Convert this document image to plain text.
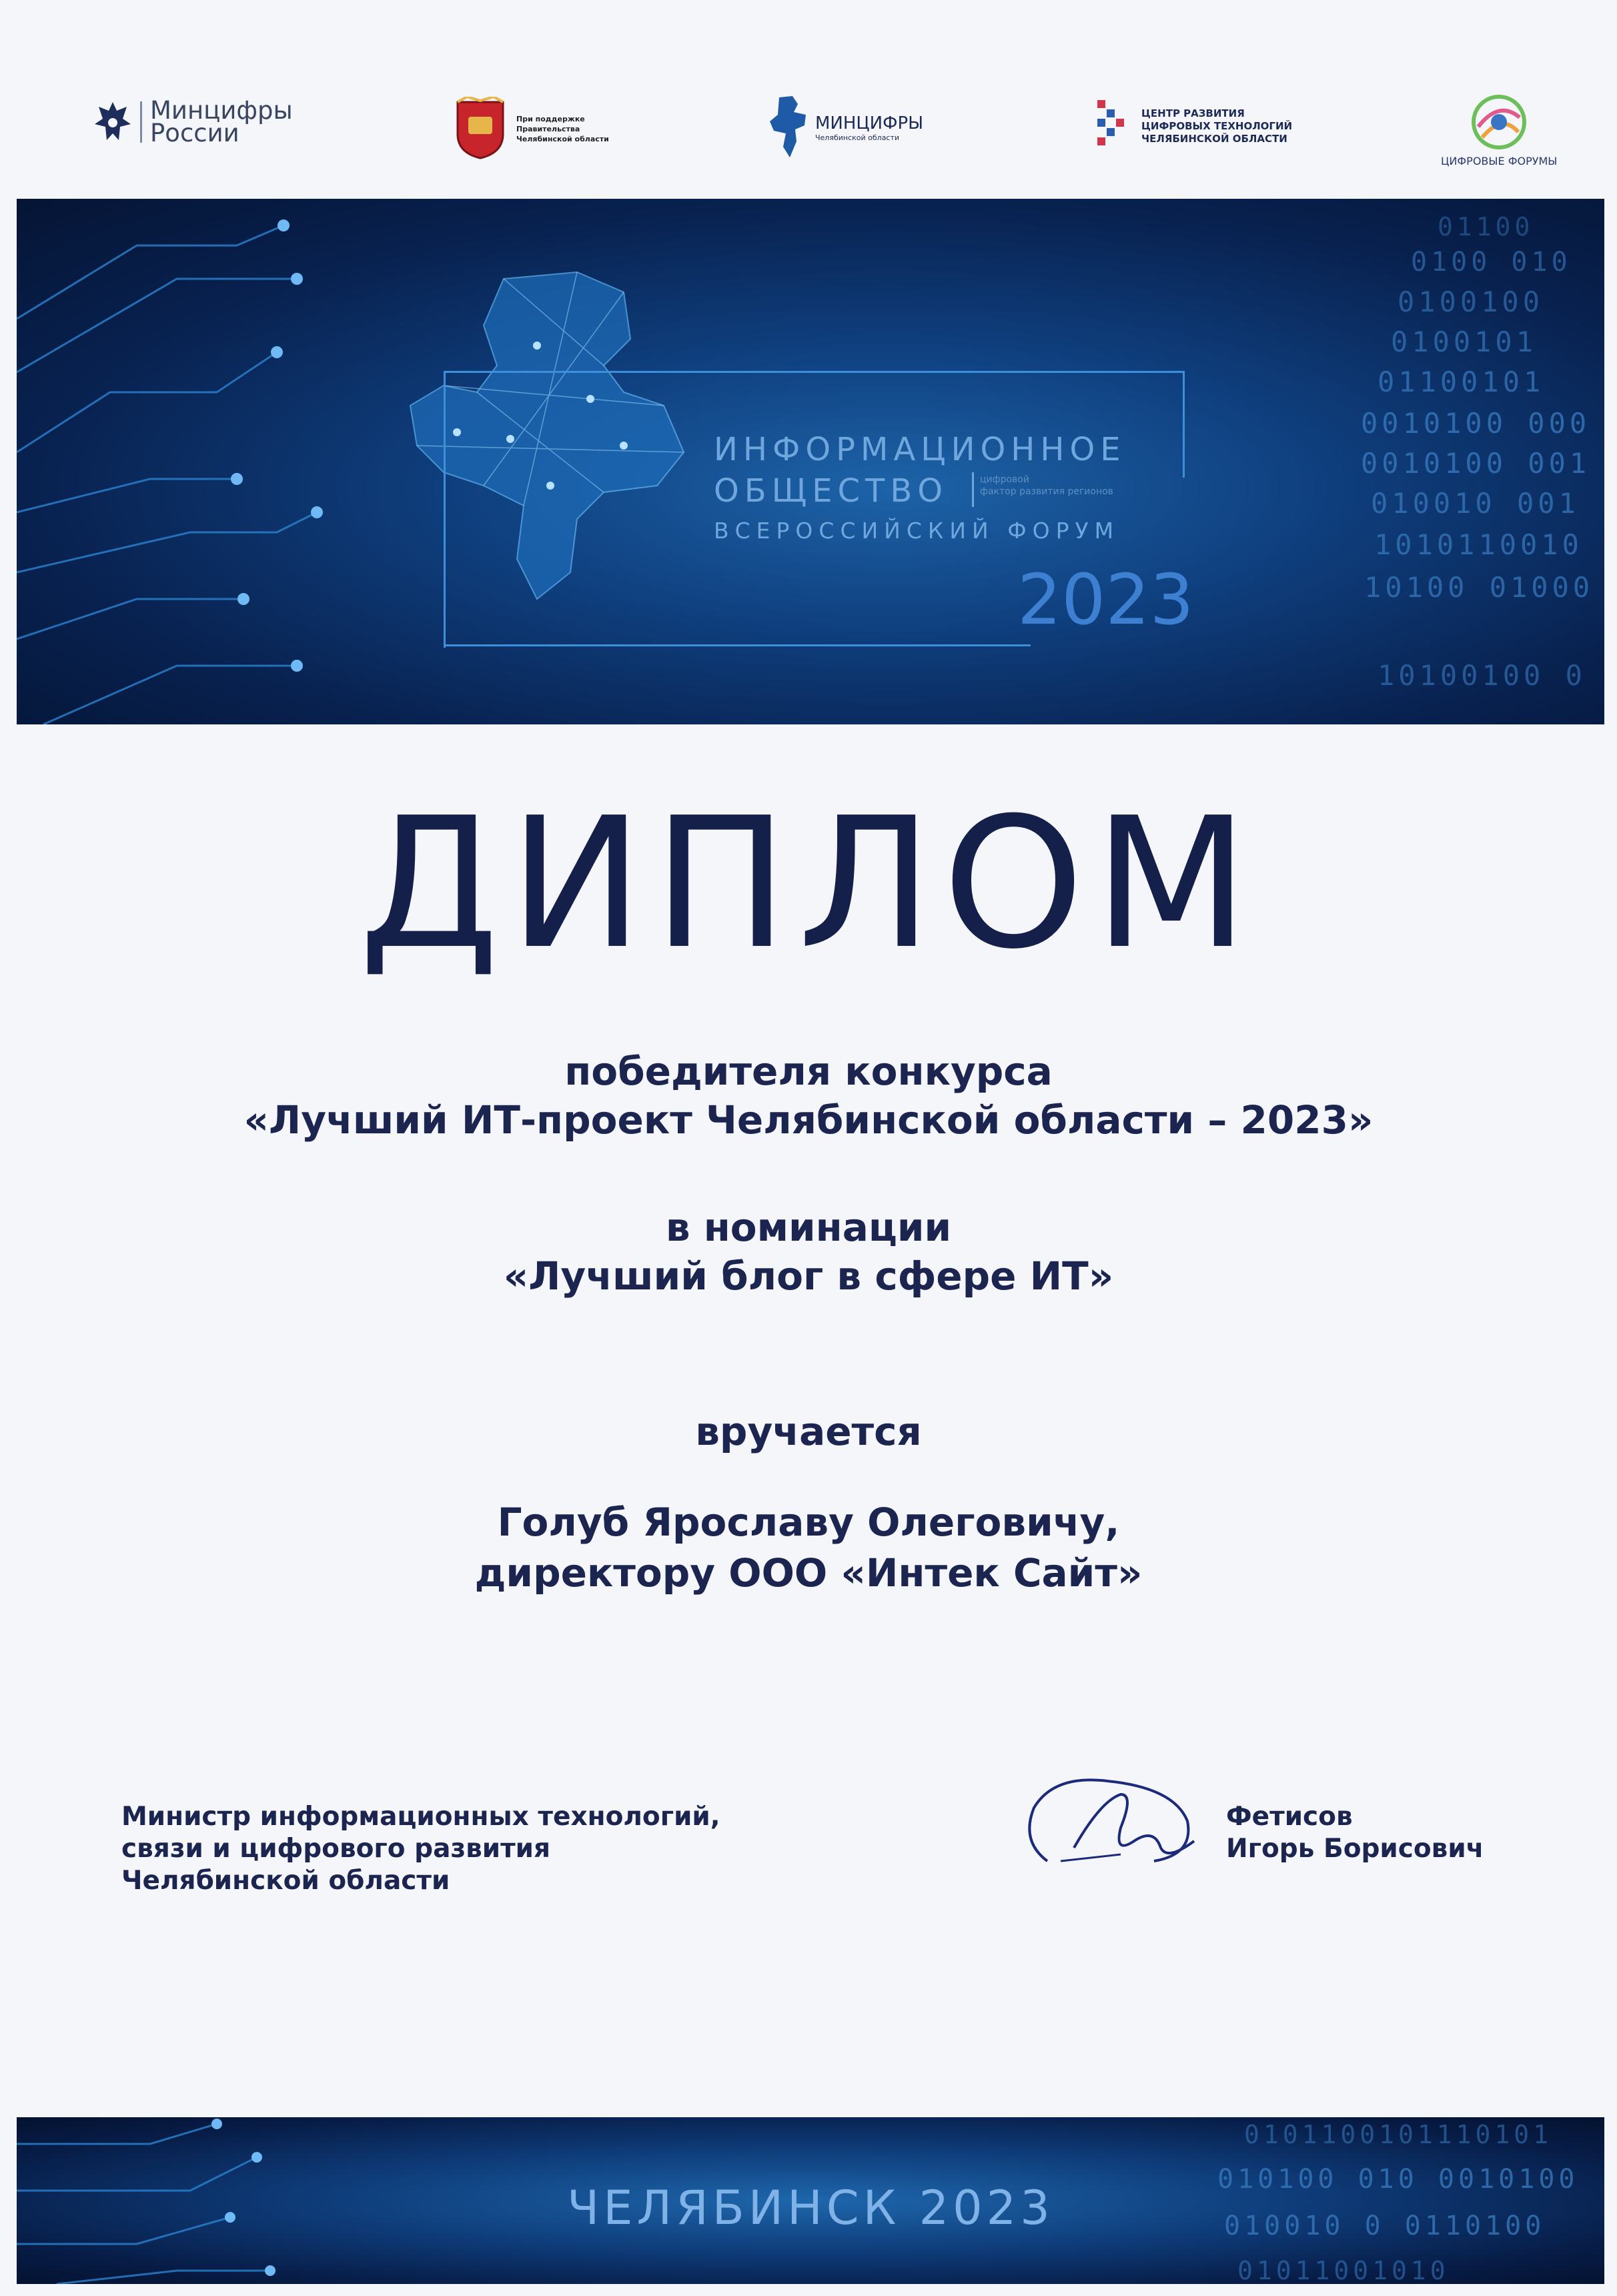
Минцифры
России	При поддержке
Правительства
Челябинской области
МИНЦИФРЫ
Челябинской области
ЦЕНТР РАЗВИТИЯ
ЦИФРОВЫХ ТЕХНОЛОГИЙ
ЧЕЛЯБИНСКОЙ ОБЛАСТИ
ЦИФРОВЫЕ ФОРУМЫ
ИНФОРМАЦИОННОЕ
ОБЩЕСТВО	цифровой
фактор развития регионов
ВСЕРОССИЙСКИЙ ФОРУМ
2023
01100
0100 010
0100100
0100101
01100101
0010100 000
0010100 001
010010 001
1010110010
10100 01000
10100100 0
ДИПЛОМ
победителя конкурса
«Лучший ИТ-проект Челябинской области – 2023»
в номинации
«Лучший блог в сфере ИТ»
вручается
Голуб Ярославу Олеговичу,
директору ООО «Интек Сайт»
Министр информационных технологий,
связи и цифрового развития
Челябинской области
Фетисов
Игорь Борисович
ЧЕЛЯБИНСК 2023
0101100101110101
010100 010 0010100
010010 0 0110100
01011001010
